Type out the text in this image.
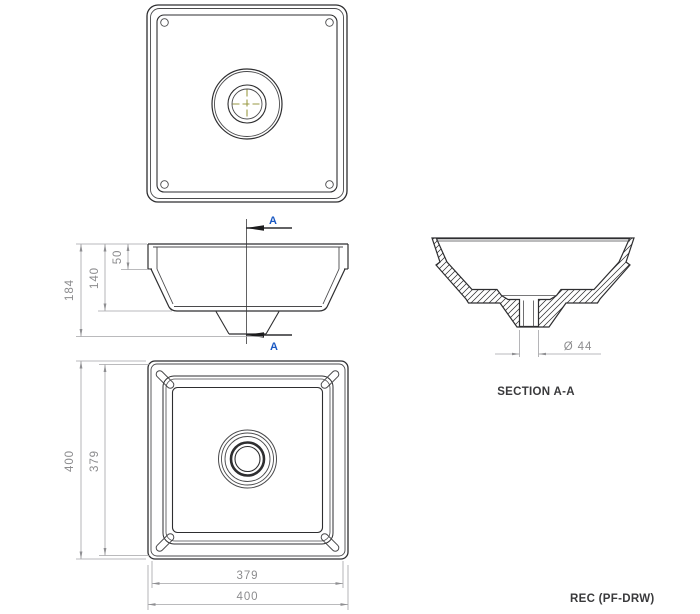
A
A
184
140
50
400 379
379
400
Ø 44
SECTION A-A
REC (PF-DRW)
